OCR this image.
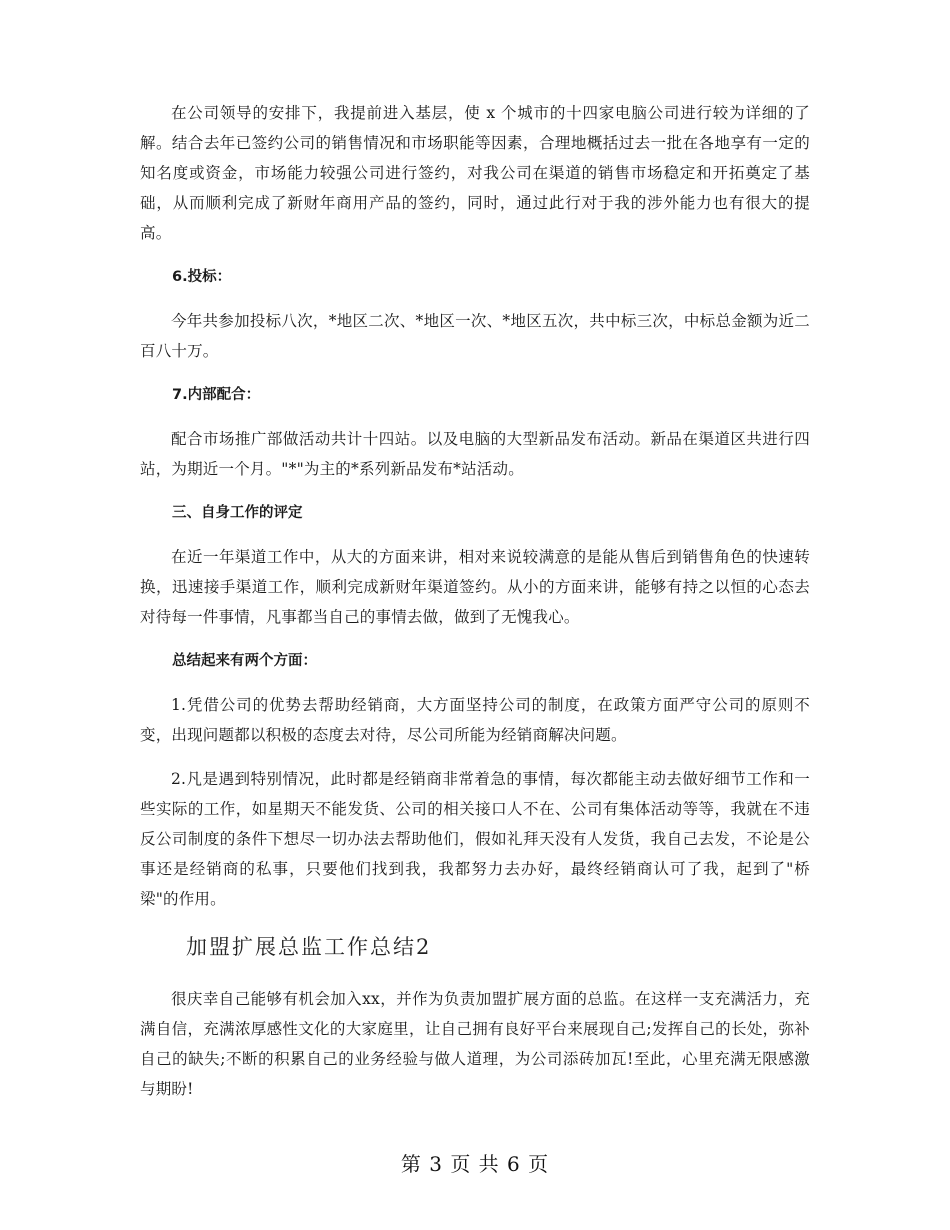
在公司领导的安排下，我提前进入基层，使 x 个城市的十四家电脑公司进行较为详细的了解。结合去年已签约公司的销售情况和市场职能等因素，合理地概括过去一批在各地享有一定的知名度或资金，市场能力较强公司进行签约，对我公司在渠道的销售市场稳定和开拓奠定了基础，从而顺利完成了新财年商用产品的签约，同时，通过此行对于我的涉外能力也有很大的提高。

6.投标：

今年共参加投标八次，*地区二次、*地区一次、*地区五次，共中标三次，中标总金额为近二百八十万。

7.内部配合：

配合市场推广部做活动共计十四站。以及电脑的大型新品发布活动。新品在渠道区共进行四站，为期近一个月。"*"为主的*系列新品发布*站活动。

三、自身工作的评定

在近一年渠道工作中，从大的方面来讲，相对来说较满意的是能从售后到销售角色的快速转换，迅速接手渠道工作，顺利完成新财年渠道签约。从小的方面来讲，能够有持之以恒的心态去对待每一件事情，凡事都当自己的事情去做，做到了无愧我心。

总结起来有两个方面：

1.凭借公司的优势去帮助经销商，大方面坚持公司的制度，在政策方面严守公司的原则不变，出现问题都以积极的态度去对待，尽公司所能为经销商解决问题。

2.凡是遇到特别情况，此时都是经销商非常着急的事情，每次都能主动去做好细节工作和一些实际的工作，如星期天不能发货、公司的相关接口人不在、公司有集体活动等等，我就在不违反公司制度的条件下想尽一切办法去帮助他们，假如礼拜天没有人发货，我自己去发，不论是公事还是经销商的私事，只要他们找到我，我都努力去办好，最终经销商认可了我，起到了"桥梁"的作用。

加盟扩展总监工作总结2

很庆幸自己能够有机会加入xx，并作为负责加盟扩展方面的总监。在这样一支充满活力，充满自信，充满浓厚感性文化的大家庭里，让自己拥有良好平台来展现自己;发挥自己的长处，弥补自己的缺失;不断的积累自己的业务经验与做人道理，为公司添砖加瓦!至此，心里充满无限感激与期盼!

第 3 页 共 6 页
